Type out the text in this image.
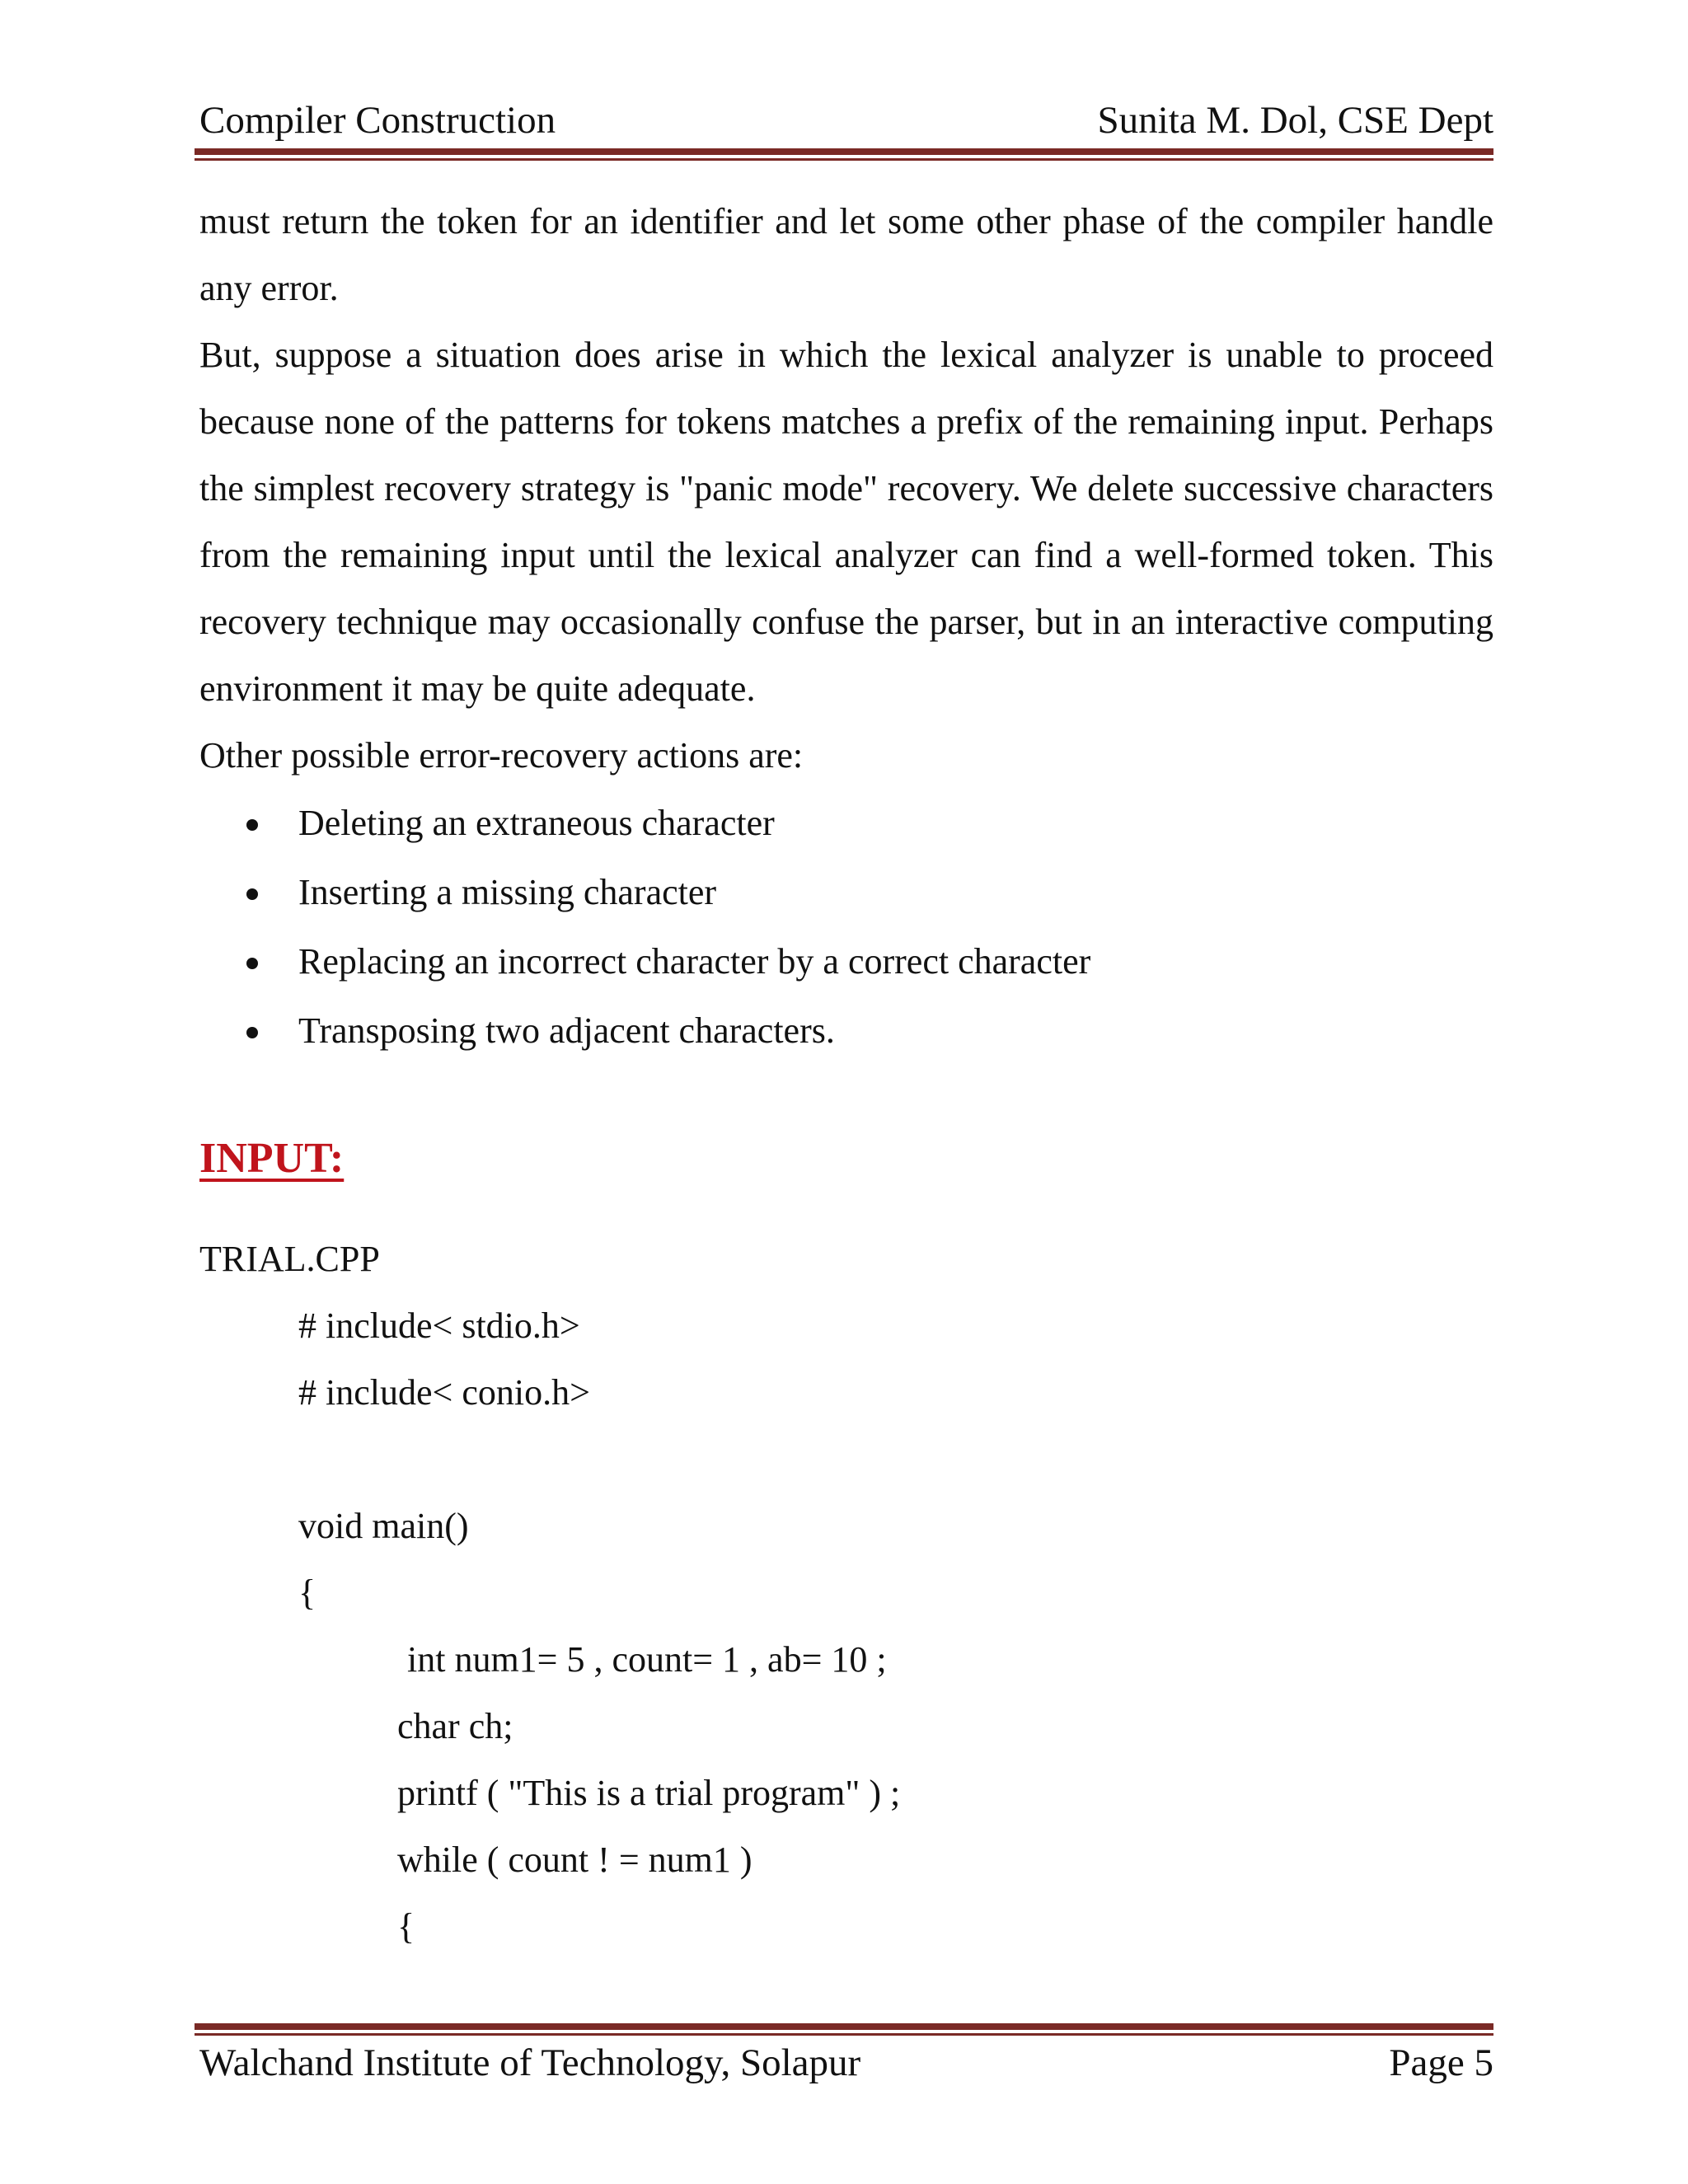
Compiler Construction	Sunita M. Dol, CSE Dept

must return the token for an identifier and let some other phase of the compiler handle any error.

But, suppose a situation does arise in which the lexical analyzer is unable to proceed because none of the patterns for tokens matches a prefix of the remaining input. Perhaps the simplest recovery strategy is "panic mode" recovery. We delete successive characters from the remaining input until the lexical analyzer can find a well-formed token. This recovery technique may occasionally confuse the parser, but in an interactive computing environment it may be quite adequate.

Other possible error-recovery actions are:

Deleting an extraneous character
Inserting a missing character
Replacing an incorrect character by a correct character
Transposing two adjacent characters.
INPUT:
TRIAL.CPP
# include< stdio.h>
# include< conio.h>
void main()
{
int num1= 5 , count= 1 , ab= 10 ;
char ch;
printf ( "This is a trial program" ) ;
while ( count ! = num1 )
{
Walchand Institute of Technology, Solapur	Page 5
